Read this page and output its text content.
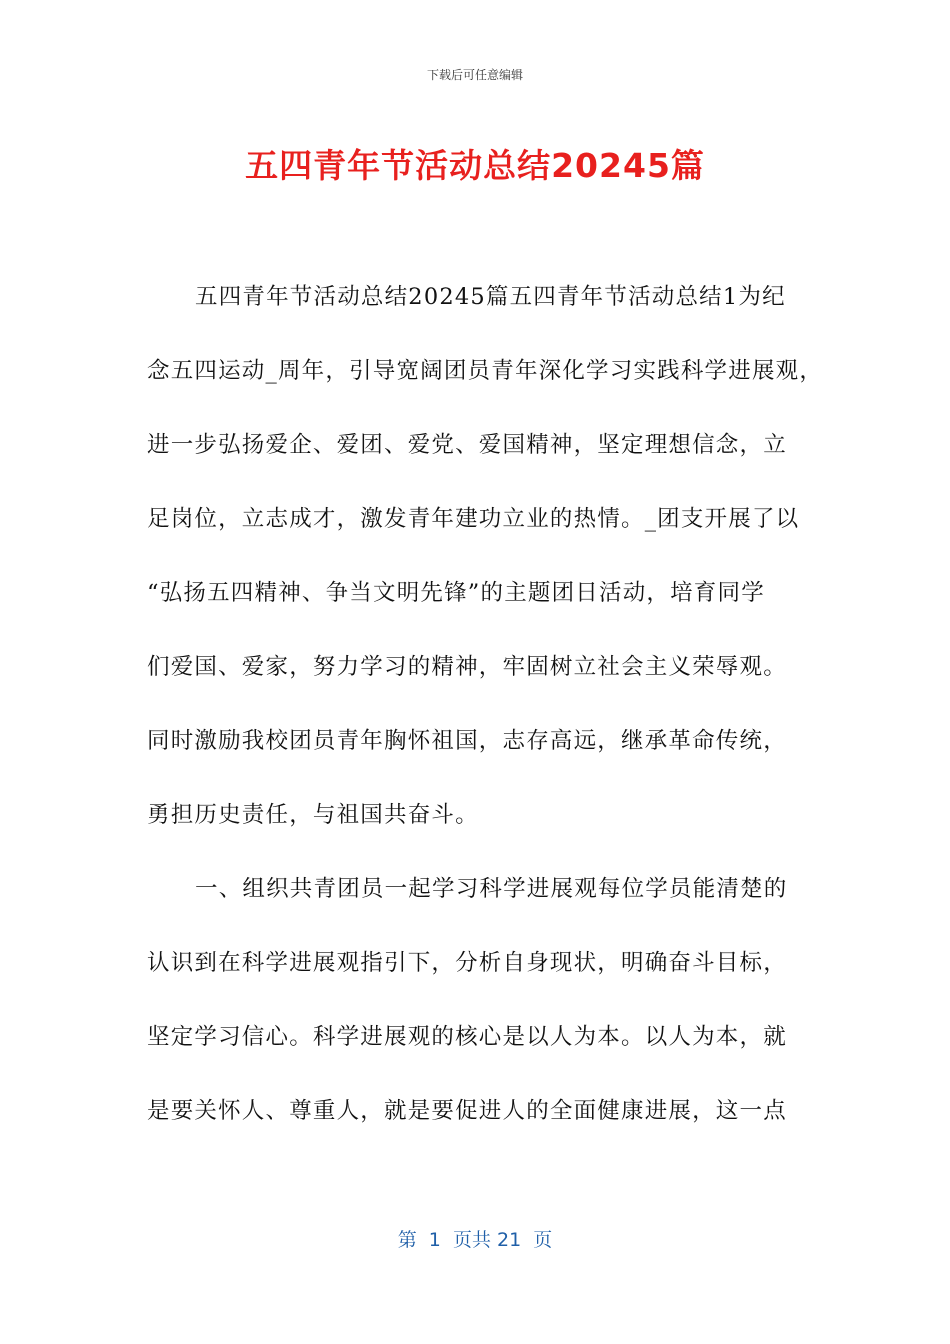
下载后可任意编辑
五四青年节活动总结20245篇
五四青年节活动总结20245篇五四青年节活动总结1为纪
念五四运动_周年，引导宽阔团员青年深化学习实践科学进展观，
进一步弘扬爱企、爱团、爱党、爱国精神，坚定理想信念，立
足岗位，立志成才，激发青年建功立业的热情。_团支开展了以
“弘扬五四精神、争当文明先锋”的主题团日活动，培育同学
们爱国、爱家，努力学习的精神，牢固树立社会主义荣辱观。
同时激励我校团员青年胸怀祖国，志存高远，继承革命传统，
勇担历史责任，与祖国共奋斗。
一、组织共青团员一起学习科学进展观每位学员能清楚的
认识到在科学进展观指引下，分析自身现状，明确奋斗目标，
坚定学习信心。科学进展观的核心是以人为本。以人为本，就
是要关怀人、尊重人，就是要促进人的全面健康进展，这一点
第  1  页共 21  页
